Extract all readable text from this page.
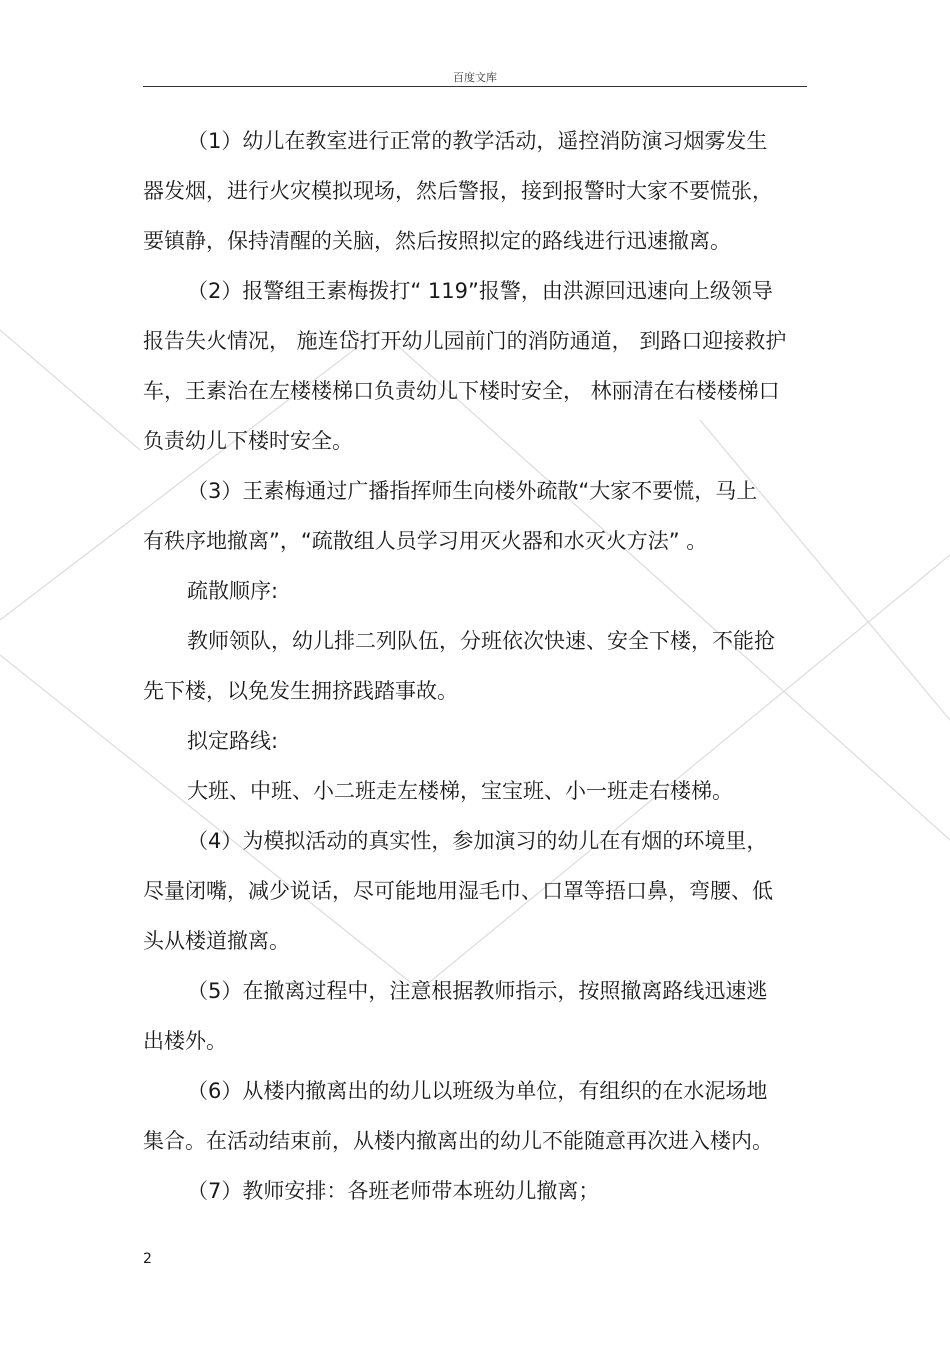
百度文库

（1）幼儿在教室进行正常的教学活动，遥控消防演习烟雾发生

器发烟，进行火灾模拟现场，然后警报，接到报警时大家不要慌张，

要镇静，保持清醒的关脑，然后按照拟定的路线进行迅速撤离。

（2）报警组王素梅拨打“ 119”报警，由洪源回迅速向上级领导

报告失火情况， 施连岱打开幼儿园前门的消防通道， 到路口迎接救护

车，王素治在左楼楼梯口负责幼儿下楼时安全， 林丽清在右楼楼梯口

负责幼儿下楼时安全。

（3）王素梅通过广播指挥师生向楼外疏散“大家不要慌，马上

有秩序地撤离”，“疏散组人员学习用灭火器和水灭火方法” 。

疏散顺序:

教师领队，幼儿排二列队伍，分班依次快速、安全下楼，不能抢

先下楼，以免发生拥挤践踏事故。

拟定路线:

大班、中班、小二班走左楼梯，宝宝班、小一班走右楼梯。

（4）为模拟活动的真实性，参加演习的幼儿在有烟的环境里，

尽量闭嘴，减少说话，尽可能地用湿毛巾、口罩等捂口鼻，弯腰、低

头从楼道撤离。

（5）在撤离过程中，注意根据教师指示，按照撤离路线迅速逃

出楼外。

（6）从楼内撤离出的幼儿以班级为单位，有组织的在水泥场地

集合。在活动结束前，从楼内撤离出的幼儿不能随意再次进入楼内。

（7）教师安排：各班老师带本班幼儿撤离；

2
